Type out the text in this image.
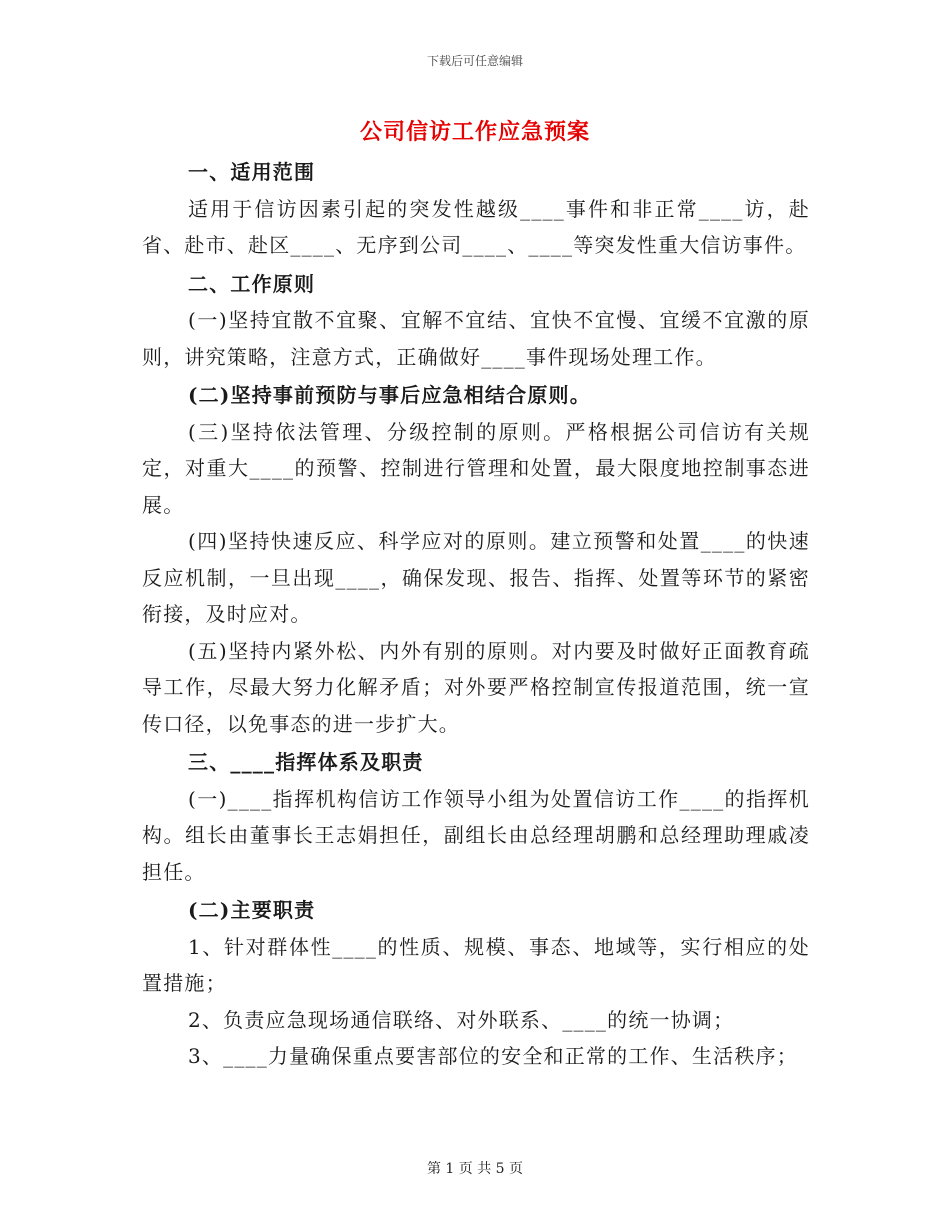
下载后可任意编辑
公司信访工作应急预案

一、适用范围

适用于信访因素引起的突发性越级____事件和非正常____访，赴省、赴市、赴区____、无序到公司____、____等突发性重大信访事件。

二、工作原则

(一)坚持宜散不宜聚、宜解不宜结、宜快不宜慢、宜缓不宜激的原则，讲究策略，注意方式，正确做好____事件现场处理工作。

(二)坚持事前预防与事后应急相结合原则。

(三)坚持依法管理、分级控制的原则。严格根据公司信访有关规定，对重大____的预警、控制进行管理和处置，最大限度地控制事态进展。

(四)坚持快速反应、科学应对的原则。建立预警和处置____的快速反应机制，一旦出现____，确保发现、报告、指挥、处置等环节的紧密衔接，及时应对。

(五)坚持内紧外松、内外有别的原则。对内要及时做好正面教育疏导工作，尽最大努力化解矛盾；对外要严格控制宣传报道范围，统一宣传口径，以免事态的进一步扩大。

三、____指挥体系及职责

(一)____指挥机构信访工作领导小组为处置信访工作____的指挥机构。组长由董事长王志娟担任，副组长由总经理胡鹏和总经理助理戚凌担任。

(二)主要职责

1、针对群体性____的性质、规模、事态、地域等，实行相应的处置措施；

2、负责应急现场通信联络、对外联系、____的统一协调；

3、____力量确保重点要害部位的安全和正常的工作、生活秩序；

第 1 页 共 5 页
